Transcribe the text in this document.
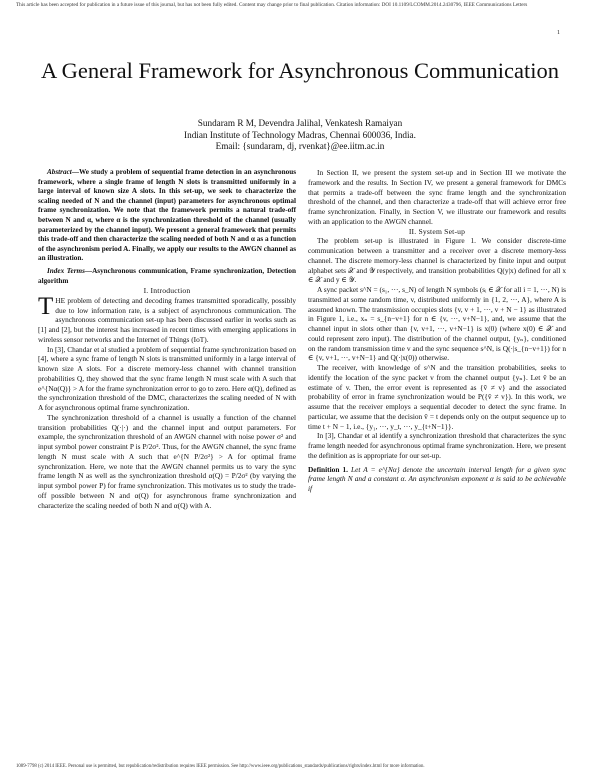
This article has been accepted for publication in a future issue of this journal, but has not been fully edited. Content may change prior to final publication. Citation information: DOI 10.1109/LCOMM.2014.2430796, IEEE Communications Letters
1
A General Framework for Asynchronous Communication
Sundaram R M, Devendra Jalihal, Venkatesh Ramaiyan
Indian Institute of Technology Madras, Chennai 600036, India.
Email: {sundaram, dj, rvenkat}@ee.iitm.ac.in

Abstract—We study a problem of sequential frame detection in an asynchronous framework, where a single frame of length N slots is transmitted uniformly in a large interval of known size A slots. In this set-up, we seek to characterize the scaling needed of N and the channel (input) parameters for asynchronous optimal frame synchronization. We note that the framework permits a natural trade-off between N and α, where α is the synchronization threshold of the channel (usually parameterized by the channel input). We present a general framework that permits this trade-off and then characterize the scaling needed of both N and α as a function of the asynchronism period A. Finally, we apply our results to the AWGN channel as an illustration.

Index Terms—Asynchronous communication, Frame synchronization, Detection algorithm

I. Introduction

THE problem of detecting and decoding frames transmitted sporadically, possibly due to low information rate, is a subject of asynchronous communication. The asynchronous communication set-up has been discussed earlier in works such as [1] and [2], but the interest has increased in recent times with emerging applications in wireless sensor networks and the Internet of Things (IoT).

In [3], Chandar et al studied a problem of sequential frame synchronization based on [4], where a sync frame of length N slots is transmitted uniformly in a large interval of known size A slots. For a discrete memory-less channel with channel transition probabilities Q, they showed that the sync frame length N must scale with A such that e^{Nα(Q)} > A for the frame synchronization error to go to zero. Here α(Q), defined as the synchronization threshold of the DMC, characterizes the scaling needed of N with A for asynchronous optimal frame synchronization.

The synchronization threshold of a channel is usually a function of the channel transition probabilities Q(·|·) and the channel input and output parameters. For example, the synchronization threshold of an AWGN channel with noise power σ² and input symbol power constraint P is P/2σ². Thus, for the AWGN channel, the sync frame length N must scale with A such that e^{N P/2σ²} > A for optimal frame synchronization. Here, we note that the AWGN channel permits us to vary the sync frame length N as well as the synchronization threshold α(Q) = P/2σ² (by varying the input symbol power P) for frame synchronization. This motivates us to study the trade-off possible between N and α(Q) for asynchronous frame synchronization and characterize the scaling needed of both N and α(Q) with A.

In Section II, we present the system set-up and in Section III we motivate the framework and the results. In Section IV, we present a general framework for DMCs that permits a trade-off between the sync frame length and the synchronization threshold of the channel, and then characterize a trade-off that will achieve error free frame synchronization. Finally, in Section V, we illustrate our framework and results with an application to the AWGN channel.

II. System Set-up

The problem set-up is illustrated in Figure 1. We consider discrete-time communication between a transmitter and a receiver over a discrete memory-less channel. The discrete memory-less channel is characterized by finite input and output alphabet sets 𝒳 and 𝒴 respectively, and transition probabilities Q(y|x) defined for all x ∈ 𝒳 and y ∈ 𝒴.

A sync packet s^N = (s₁, ···, s_N) of length N symbols (sᵢ ∈ 𝒳 for all i = 1, ···, N) is transmitted at some random time, v, distributed uniformly in {1, 2, ···, A}, where A is assumed known. The transmission occupies slots {v, v + 1, ···, v + N − 1} as illustrated in Figure 1, i.e., xₙ = s_{n−v+1} for n ∈ {v, ···, v+N−1}, and, we assume that the channel input in slots other than {v, v+1, ···, v+N−1} is x(0) (where x(0) ∈ 𝒳 and could represent zero input). The distribution of the channel output, {yₙ}, conditioned on the random transmission time v and the sync sequence s^N, is Q(·|s_{n−v+1}) for n ∈ {v, v+1, ···, v+N−1} and Q(·|x(0)) otherwise.

The receiver, with knowledge of s^N and the transition probabilities, seeks to identify the location of the sync packet v from the channel output {yₙ}. Let v̂ be an estimate of v. Then, the error event is represented as {v̂ ≠ v} and the associated probability of error in frame synchronization would be P({v̂ ≠ v}). In this work, we assume that the receiver employs a sequential decoder to detect the sync frame. In particular, we assume that the decision v̂ = t depends only on the output sequence up to time t + N − 1, i.e., {y₁, ···, y_t, ···, y_{t+N−1}}.

In [3], Chandar et al identify a synchronization threshold that characterizes the sync frame length needed for asynchronous optimal frame synchronization. Here, we present the definition as is appropriate for our set-up.

Definition 1. Let A = e^{Nα} denote the uncertain interval length for a given sync frame length N and a constant α. An asynchronism exponent α is said to be achievable if

1089-7798 (c) 2014 IEEE. Personal use is permitted, but republication/redistribution requires IEEE permission. See http://www.ieee.org/publications_standards/publications/rights/index.html for more information.
